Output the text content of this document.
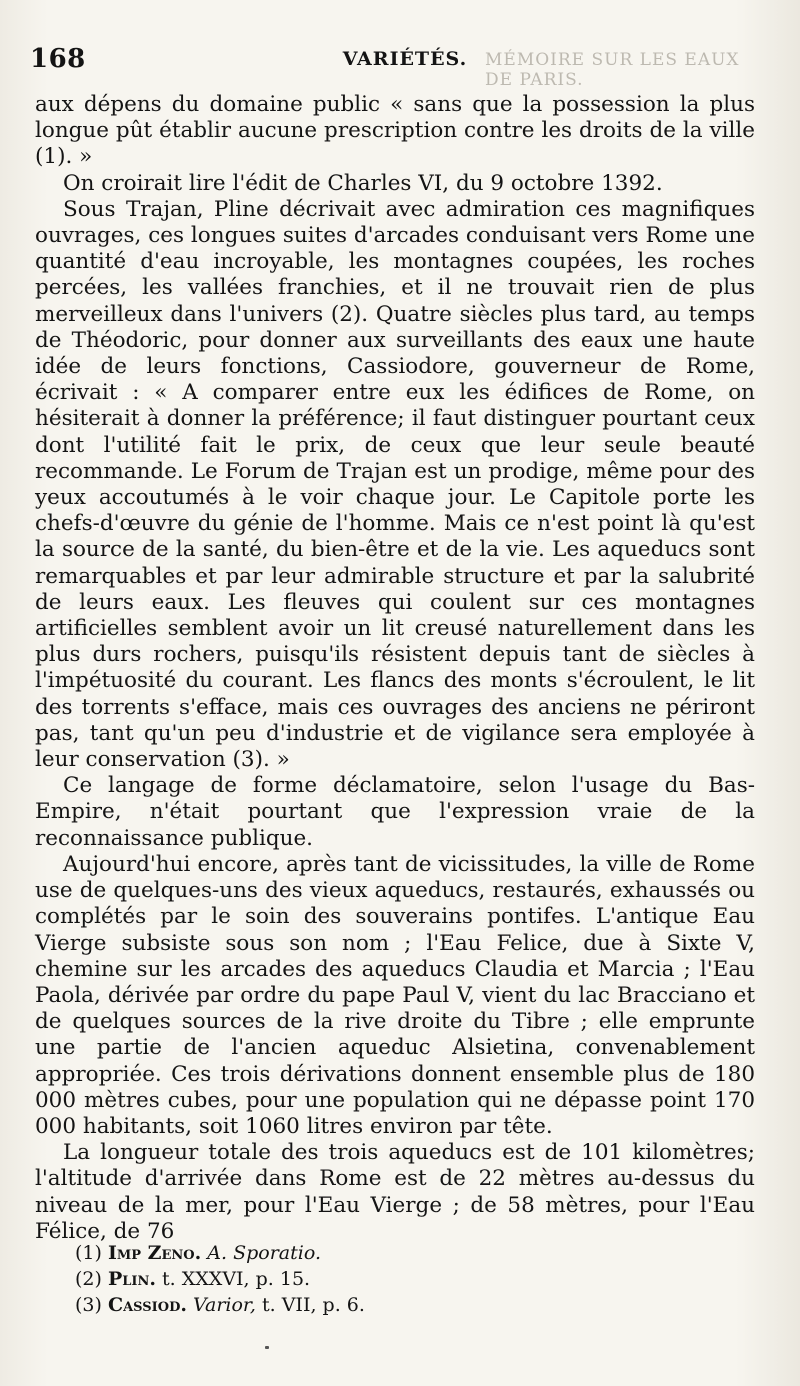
168	VARIÉTÉS.	MÉMOIRE SUR LES EAUX DE PARIS.

aux dépens du domaine public « sans que la possession la plus longue pût établir aucune prescription contre les droits de la ville (1). »

On croirait lire l'édit de Charles VI, du 9 octobre 1392.

Sous Trajan, Pline décrivait avec admiration ces magnifiques ouvrages, ces longues suites d'arcades conduisant vers Rome une quantité d'eau incroyable, les montagnes coupées, les roches percées, les vallées franchies, et il ne trouvait rien de plus merveilleux dans l'univers (2). Quatre siècles plus tard, au temps de Théodoric, pour donner aux surveillants des eaux une haute idée de leurs fonctions, Cassiodore, gouverneur de Rome, écrivait : « A comparer entre eux les édifices de Rome, on hésiterait à donner la préférence; il faut distinguer pourtant ceux dont l'utilité fait le prix, de ceux que leur seule beauté recommande. Le Forum de Trajan est un prodige, même pour des yeux accoutumés à le voir chaque jour. Le Capitole porte les chefs-d'œuvre du génie de l'homme. Mais ce n'est point là qu'est la source de la santé, du bien-être et de la vie. Les aqueducs sont remarquables et par leur admirable structure et par la salubrité de leurs eaux. Les fleuves qui coulent sur ces montagnes artificielles semblent avoir un lit creusé naturellement dans les plus durs rochers, puisqu'ils résistent depuis tant de siècles à l'impétuosité du courant. Les flancs des monts s'écroulent, le lit des torrents s'efface, mais ces ouvrages des anciens ne périront pas, tant qu'un peu d'industrie et de vigilance sera employée à leur conservation (3). »

Ce langage de forme déclamatoire, selon l'usage du Bas-Empire, n'était pourtant que l'expression vraie de la reconnaissance publique.

Aujourd'hui encore, après tant de vicissitudes, la ville de Rome use de quelques-uns des vieux aqueducs, restaurés, exhaussés ou complétés par le soin des souverains pontifes. L'antique Eau Vierge subsiste sous son nom ; l'Eau Felice, due à Sixte V, chemine sur les arcades des aqueducs Claudia et Marcia ; l'Eau Paola, dérivée par ordre du pape Paul V, vient du lac Bracciano et de quelques sources de la rive droite du Tibre ; elle emprunte une partie de l'ancien aqueduc Alsietina, convenablement appropriée. Ces trois dérivations donnent ensemble plus de 180 000 mètres cubes, pour une population qui ne dépasse point 170 000 habitants, soit 1060 litres environ par tête.

La longueur totale des trois aqueducs est de 101 kilomètres; l'altitude d'arrivée dans Rome est de 22 mètres au-dessus du niveau de la mer, pour l'Eau Vierge ; de 58 mètres, pour l'Eau Félice, de 76

(1) Imp Zeno. A. Sporatio.
(2) Plin. t. XXXVI, p. 15.
(3) Cassiod. Varior, t. VII, p. 6.
